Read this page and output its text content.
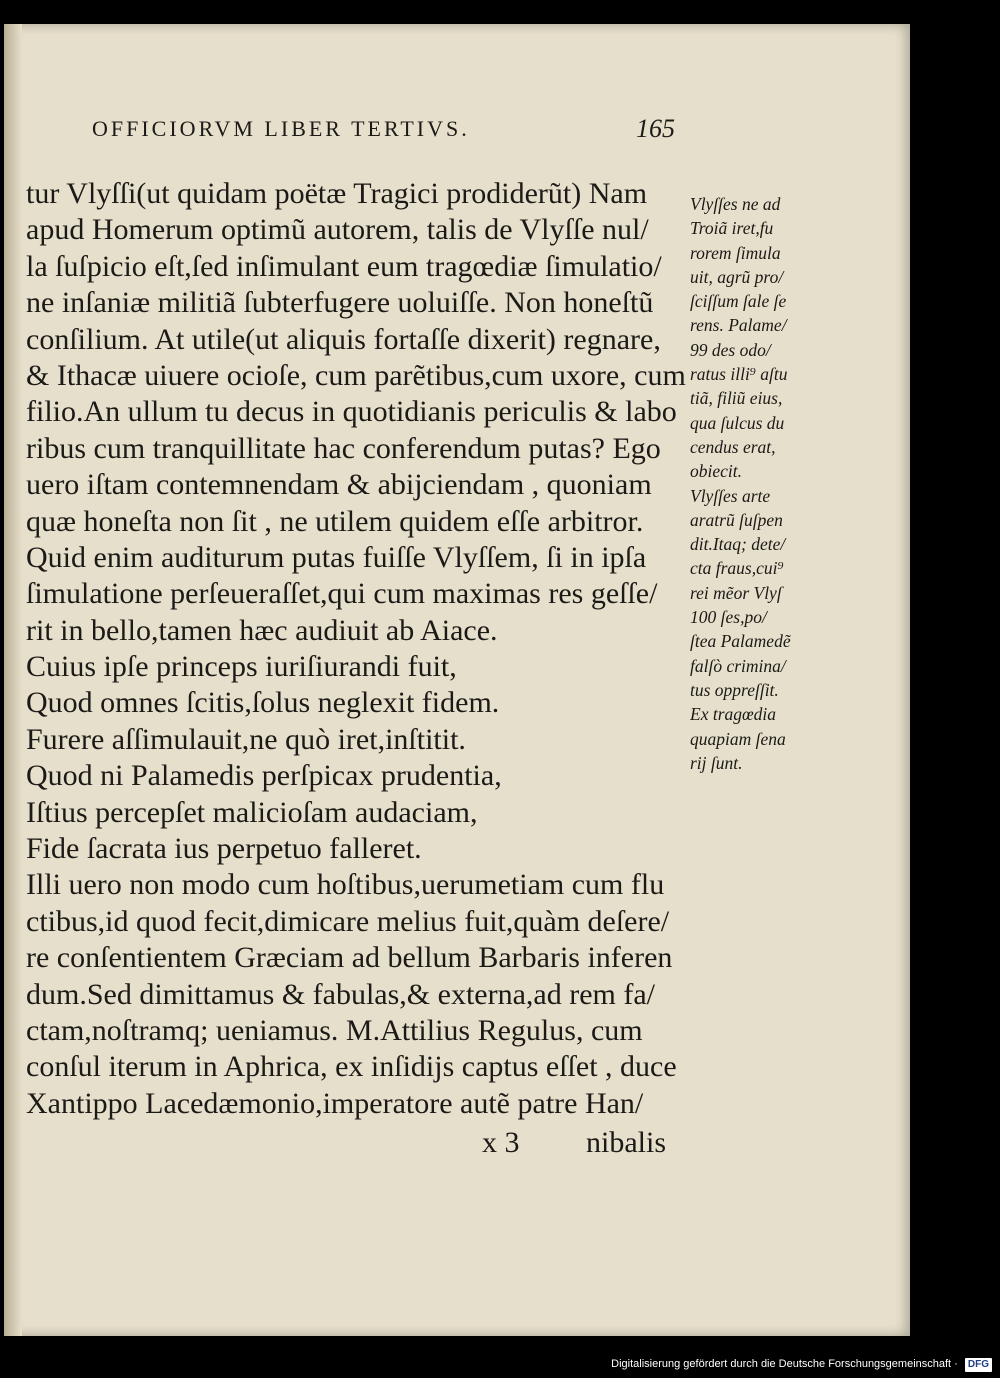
OFFICIORVM LIBER TERTIVS.	165
tur Vlyſſi(ut quidam poëtæ Tragici prodiderũt) Nam
apud Homerum optimũ autorem, talis de Vlyſſe nul/
la ſuſpicio eſt,ſed inſimulant eum tragœdiæ ſimulatio/
ne inſaniæ militiã ſubterfugere uoluiſſe. Non honeſtũ
conſilium. At utile(ut aliquis fortaſſe dixerit) regnare,
& Ithacæ uiuere ocioſe, cum parẽtibus,cum uxore, cum
filio.An ullum tu decus in quotidianis periculis & labo
ribus cum tranquillitate hac conferendum putas? Ego
uero iſtam contemnendam & abijciendam , quoniam
quæ honeſta non ſit , ne utilem quidem eſſe arbitror.
Quid enim auditurum putas fuiſſe Vlyſſem, ſi in ipſa
ſimulatione perſeueraſſet,qui cum maximas res geſſe/
rit in bello,tamen hæc audiuit ab Aiace.
Cuius ipſe princeps iuriſiurandi fuit,
Quod omnes ſcitis,ſolus neglexit fidem.
Furere aſſimulauit,ne quò iret,inſtitit.
Quod ni Palamedis perſpicax prudentia,
Iſtius percepſet malicioſam audaciam,
Fide ſacrata ius perpetuo falleret.
Illi uero non modo cum hoſtibus,uerumetiam cum flu
ctibus,id quod fecit,dimicare melius fuit,quàm deſere/
re conſentientem Græciam ad bellum Barbaris inferen
dum.Sed dimittamus & fabulas,& externa,ad rem fa/
ctam,noſtramq; ueniamus. M.Attilius Regulus, cum
conſul iterum in Aphrica, ex inſidijs captus eſſet , duce
Xantippo Lacedæmonio,imperatore autẽ patre Han/
Vlyſſes ne ad
Troiã iret,fu
rorem ſimula
uit, agrũ pro/
ſciſſum ſale ſe
rens. Palame/
99 des odo/
ratus illi⁹ aſtu
tiã, filiũ eius,
qua ſulcus du
cendus erat,
obiecit.
Vlyſſes arte
aratrũ ſuſpen
dit.Itaq; dete/
cta fraus,cui⁹
rei mẽor Vlyſ
100 ſes,po/
ſtea Palamedẽ
falſò crimina/
tus oppreſſit.
Ex tragœdia
quapiam ſena
rij ſunt.
x 3 nibalis
Digitalisierung gefördert durch die Deutsche Forschungsgemeinschaft · DFG
